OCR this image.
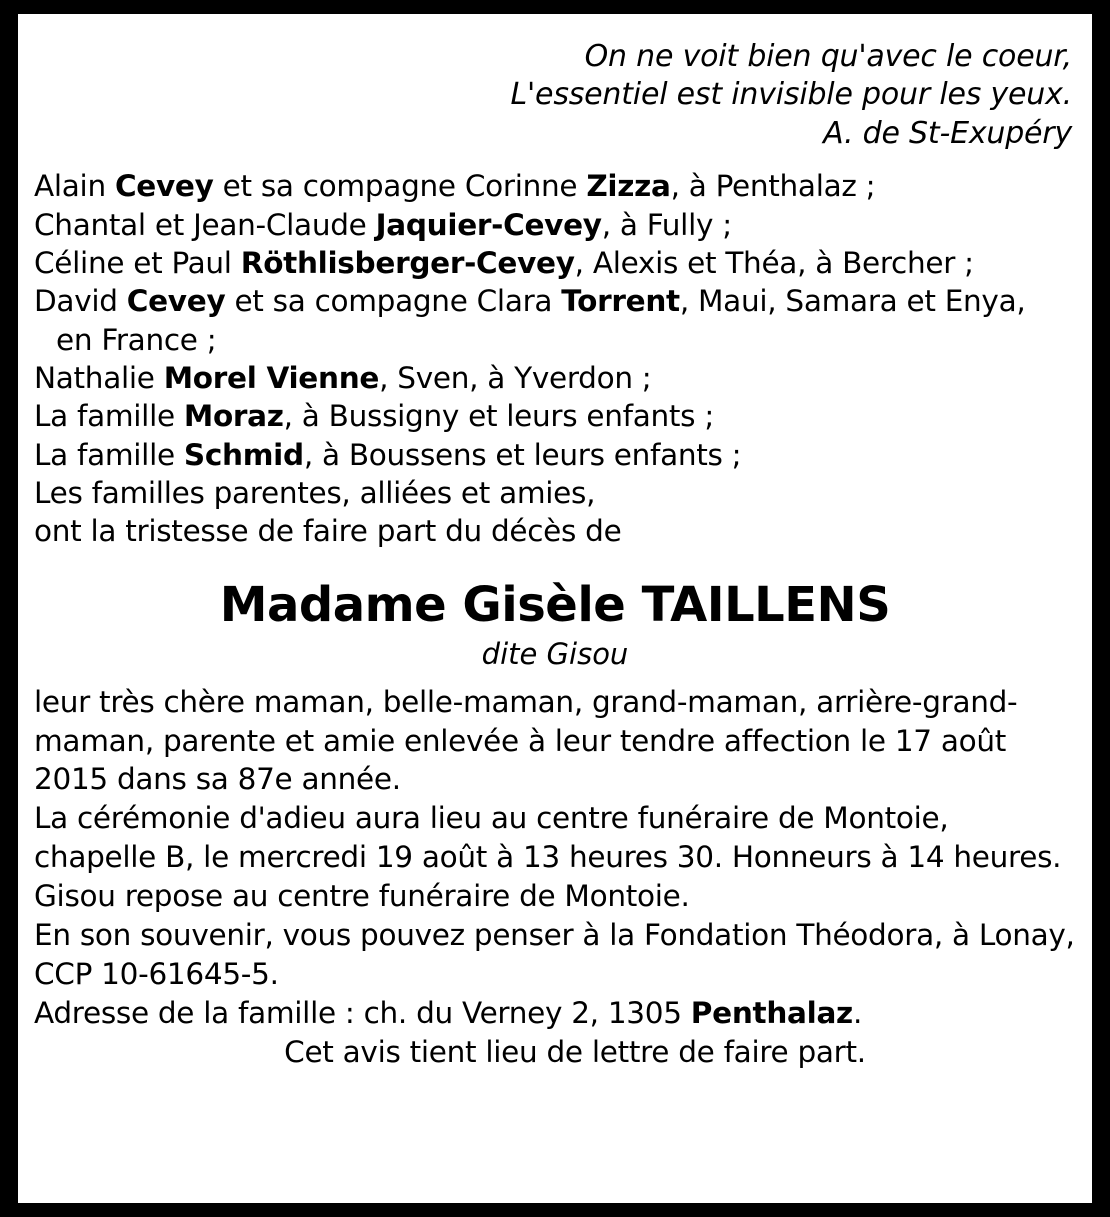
On ne voit bien qu'avec le coeur,
L'essentiel est invisible pour les yeux.
A. de St-Exupéry
Alain Cevey et sa compagne Corinne Zizza, à Penthalaz ;
Chantal et Jean-Claude Jaquier-Cevey, à Fully ;
Céline et Paul Röthlisberger-Cevey, Alexis et Théa, à Bercher ;
David Cevey et sa compagne Clara Torrent, Maui, Samara et Enya,
en France ;
Nathalie Morel Vienne, Sven, à Yverdon ;
La famille Moraz, à Bussigny et leurs enfants ;
La famille Schmid, à Boussens et leurs enfants ;
Les familles parentes, alliées et amies,
ont la tristesse de faire part du décès de
Madame Gisèle TAILLENS
dite Gisou

leur très chère maman, belle-maman, grand-maman, arrière-grand-maman, parente et amie enlevée à leur tendre affection le 17 août 2015 dans sa 87e année.

La cérémonie d'adieu aura lieu au centre funéraire de Montoie,

chapelle B, le mercredi 19 août à 13 heures 30. Honneurs à 14 heures.

Gisou repose au centre funéraire de Montoie.

En son souvenir, vous pouvez penser à la Fondation Théodora, à Lonay,

CCP 10-61645-5.

Adresse de la famille : ch. du Verney 2, 1305 Penthalaz.

Cet avis tient lieu de lettre de faire part.
